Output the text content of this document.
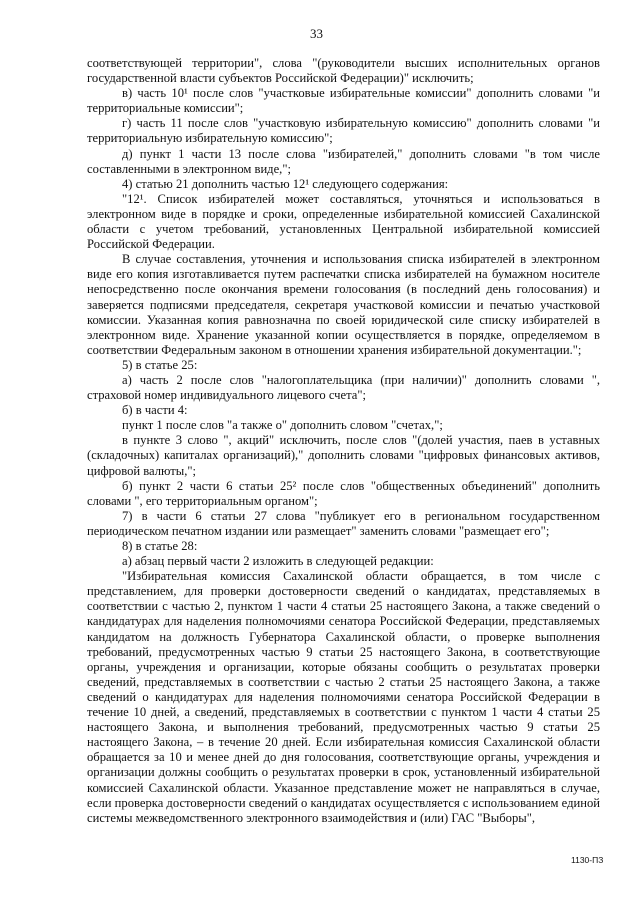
33

соответствующей территории", слова "(руководители высших исполнительных органов государственной власти субъектов Российской Федерации)" исключить;

в) часть 10¹ после слов "участковые избирательные комиссии" дополнить словами "и территориальные комиссии";

г) часть 11 после слов "участковую избирательную комиссию" дополнить словами "и территориальную избирательную комиссию";

д) пункт 1 части 13 после слова "избирателей," дополнить словами "в том числе составленными в электронном виде,";

4) статью 21 дополнить частью 12¹ следующего содержания:

"12¹. Список избирателей может составляться, уточняться и использоваться в электронном виде в порядке и сроки, определенные избирательной комиссией Сахалинской области с учетом требований, установленных Центральной избирательной комиссией Российской Федерации.

В случае составления, уточнения и использования списка избирателей в электронном виде его копия изготавливается путем распечатки списка избирателей на бумажном носителе непосредственно после окончания времени голосования (в последний день голосования) и заверяется подписями председателя, секретаря участковой комиссии и печатью участковой комиссии. Указанная копия равнозначна по своей юридической силе списку избирателей в электронном виде. Хранение указанной копии осуществляется в порядке, определяемом в соответствии Федеральным законом в отношении хранения избирательной документации.";

5) в статье 25:

а) часть 2 после слов "налогоплательщика (при наличии)" дополнить словами ", страховой номер индивидуального лицевого счета";

б) в части 4:

пункт 1 после слов "а также о" дополнить словом "счетах,";

в пункте 3 слово ", акций" исключить, после слов "(долей участия, паев в уставных (складочных) капиталах организаций)," дополнить словами "цифровых финансовых активов, цифровой валюты,";

б) пункт 2 части 6 статьи 25² после слов "общественных объединений" дополнить словами ", его территориальным органом";

7) в части 6 статьи 27 слова "публикует его в региональном государственном периодическом печатном издании или размещает" заменить словами "размещает его";

8) в статье 28:

а) абзац первый части 2 изложить в следующей редакции:

"Избирательная комиссия Сахалинской области обращается, в том числе с представлением, для проверки достоверности сведений о кандидатах, представляемых в соответствии с частью 2, пунктом 1 части 4 статьи 25 настоящего Закона, а также сведений о кандидатурах для наделения полномочиями сенатора Российской Федерации, представляемых кандидатом на должность Губернатора Сахалинской области, о проверке выполнения требований, предусмотренных частью 9 статьи 25 настоящего Закона, в соответствующие органы, учреждения и организации, которые обязаны сообщить о результатах проверки сведений, представляемых в соответствии с частью 2 статьи 25 настоящего Закона, а также сведений о кандидатурах для наделения полномочиями сенатора Российской Федерации в течение 10 дней, а сведений, представляемых в соответствии с пунктом 1 части 4 статьи 25 настоящего Закона, и выполнения требований, предусмотренных частью 9 статьи 25 настоящего Закона, – в течение 20 дней. Если избирательная комиссия Сахалинской области обращается за 10 и менее дней до дня голосования, соответствующие органы, учреждения и организации должны сообщить о результатах проверки в срок, установленный избирательной комиссией Сахалинской области. Указанное представление может не направляться в случае, если проверка достоверности сведений о кандидатах осуществляется с использованием единой системы межведомственного электронного взаимодействия и (или) ГАС "Выборы",

1130-ПЗ
